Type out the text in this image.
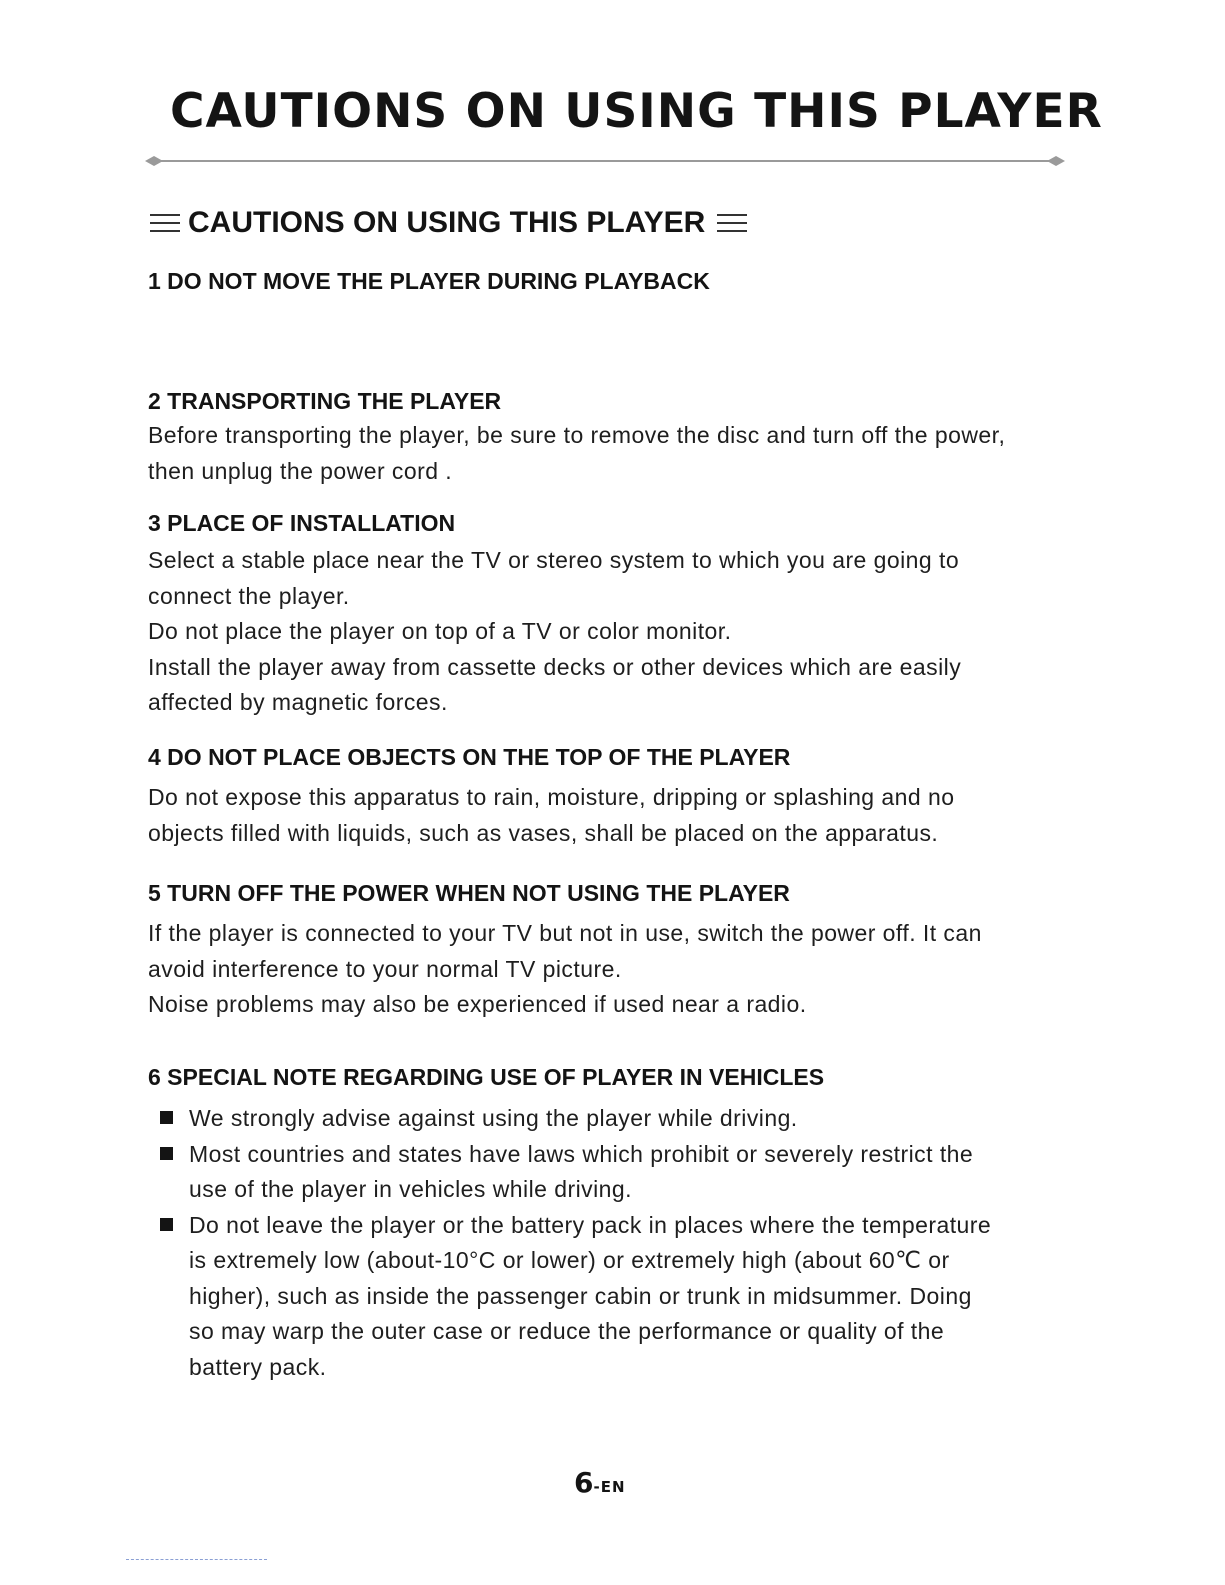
CAUTIONS ON USING THIS PLAYER
CAUTIONS ON USING THIS PLAYER
1 DO NOT MOVE THE PLAYER DURING PLAYBACK
2 TRANSPORTING THE PLAYER
Before transporting the player, be sure to remove the disc and turn off the power,
then unplug the power cord .
3 PLACE OF INSTALLATION
Select a stable place near the TV or stereo system to which you are going to
connect the player.
Do not place the player on top of a TV or color monitor.
Install the player away from cassette decks or other devices which are easily
affected by magnetic forces.
4 DO NOT PLACE OBJECTS ON THE TOP OF THE PLAYER
Do not expose this apparatus to rain, moisture, dripping or splashing and no
objects filled with liquids, such as vases, shall be placed on the apparatus.
5 TURN OFF THE POWER WHEN NOT USING THE PLAYER
If the player is connected to your TV but not in use, switch the power off. It can
avoid interference to your normal TV picture.
Noise problems may also be experienced if used near a radio.
6 SPECIAL NOTE REGARDING USE OF PLAYER IN VEHICLES
We strongly advise against using the player while driving.
Most countries and states have laws which prohibit or severely restrict the
use of the player in vehicles while driving.
Do not leave the player or the battery pack in places where the temperature
is extremely low (about-10°C or lower) or extremely high (about 60℃ or
higher), such as inside the passenger cabin or trunk in midsummer. Doing
so may warp the outer case or reduce the performance or quality of the
battery pack.
6-EN
